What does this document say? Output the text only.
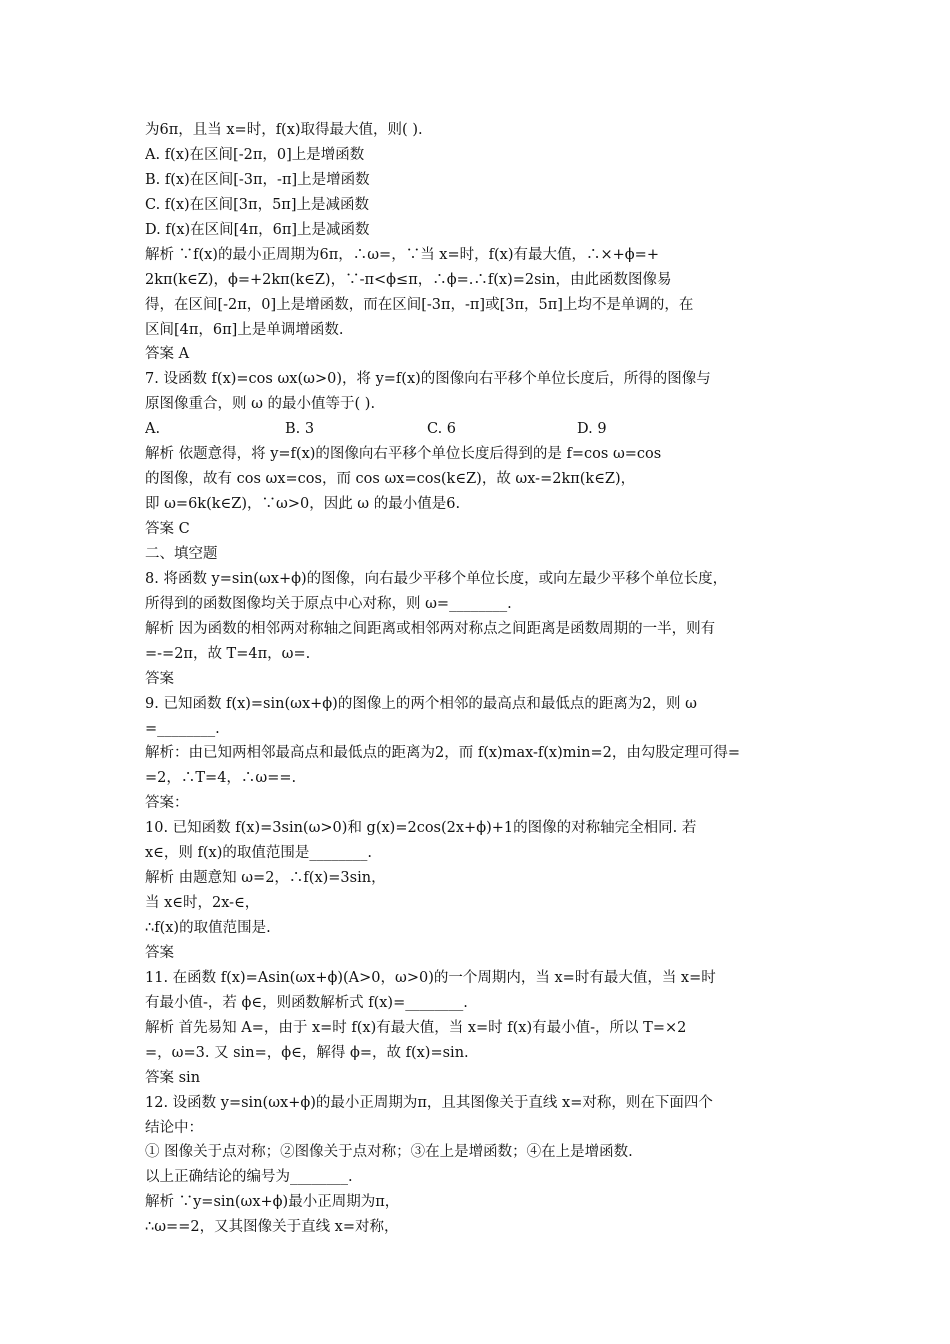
为6π，且当 x=时，f(x)取得最大值，则( ).
A. f(x)在区间[-2π，0]上是增函数
B. f(x)在区间[-3π，-π]上是增函数
C. f(x)在区间[3π，5π]上是减函数
D. f(x)在区间[4π，6π]上是减函数
解析 ∵f(x)的最小正周期为6π，∴ω=，∵当 x=时，f(x)有最大值，∴×+ϕ=+
2kπ(k∈Z)，ϕ=+2kπ(k∈Z)，∵-π<ϕ≤π，∴ϕ=.∴f(x)=2sin，由此函数图像易
得，在区间[-2π，0]上是增函数，而在区间[-3π，-π]或[3π，5π]上均不是单调的，在
区间[4π，6π]上是单调增函数.
答案 A
7. 设函数 f(x)=cos ωx(ω>0)，将 y=f(x)的图像向右平移个单位长度后，所得的图像与
原图像重合，则 ω 的最小值等于( ).
A.	B. 3	C. 6	D. 9
解析 依题意得，将 y=f(x)的图像向右平移个单位长度后得到的是 f=cos ω=cos
的图像，故有 cos ωx=cos，而 cos ωx=cos(k∈Z)，故 ωx-=2kπ(k∈Z)，
即 ω=6k(k∈Z)，∵ω>0，因此 ω 的最小值是6.
答案 C
二、填空题
8. 将函数 y=sin(ωx+ϕ)的图像，向右最少平移个单位长度，或向左最少平移个单位长度，
所得到的函数图像均关于原点中心对称，则 ω=________.
解析 因为函数的相邻两对称轴之间距离或相邻两对称点之间距离是函数周期的一半，则有
=-=2π，故 T=4π，ω=.
答案
9. 已知函数 f(x)=sin(ωx+ϕ)的图像上的两个相邻的最高点和最低点的距离为2，则 ω
=________.
解析：由已知两相邻最高点和最低点的距离为2，而 f(x)max-f(x)min=2，由勾股定理可得=
=2，∴T=4，∴ω==.
答案：
10. 已知函数 f(x)=3sin(ω>0)和 g(x)=2cos(2x+ϕ)+1的图像的对称轴完全相同. 若
x∈，则 f(x)的取值范围是________.
解析 由题意知 ω=2，∴f(x)=3sin，
当 x∈时，2x-∈，
∴f(x)的取值范围是.
答案
11. 在函数 f(x)=Asin(ωx+ϕ)(A>0，ω>0)的一个周期内，当 x=时有最大值，当 x=时
有最小值-，若 ϕ∈，则函数解析式 f(x)=________.
解析 首先易知 A=，由于 x=时 f(x)有最大值，当 x=时 f(x)有最小值-，所以 T=×2
=，ω=3. 又 sin=，ϕ∈，解得 ϕ=，故 f(x)=sin.
答案 sin
12. 设函数 y=sin(ωx+ϕ)的最小正周期为π，且其图像关于直线 x=对称，则在下面四个
结论中：
① 图像关于点对称；②图像关于点对称；③在上是增函数；④在上是增函数.
以上正确结论的编号为________.
解析 ∵y=sin(ωx+ϕ)最小正周期为π，
∴ω==2，又其图像关于直线 x=对称，
